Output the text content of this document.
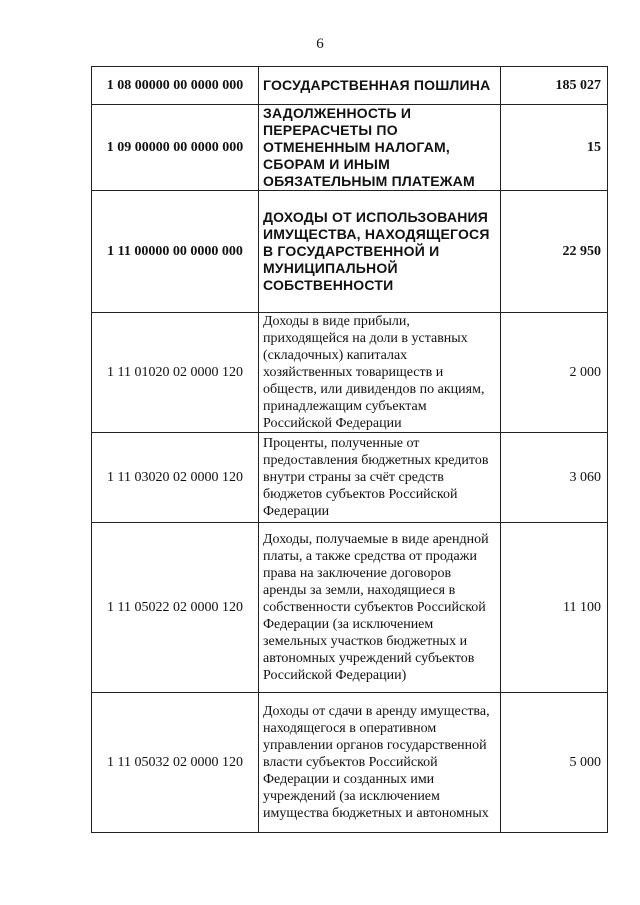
6
1 08 00000 00 0000 000	ГОСУДАРСТВЕННАЯ ПОШЛИНА	185 027
1 09 00000 00 0000 000	ЗАДОЛЖЕННОСТЬ И ПЕРЕРАСЧЕТЫ ПО ОТМЕНЕННЫМ НАЛОГАМ, СБОРАМ И ИНЫМ ОБЯЗАТЕЛЬНЫМ ПЛАТЕЖАМ	15
1 11 00000 00 0000 000	ДОХОДЫ ОТ ИСПОЛЬЗОВАНИЯ ИМУЩЕСТВА, НАХОДЯЩЕГОСЯ В ГОСУДАРСТВЕННОЙ И МУНИЦИПАЛЬНОЙ СОБСТВЕННОСТИ	22 950
1 11 01020 02 0000 120	Доходы в виде прибыли, приходящейся на доли в уставных (складочных) капиталах хозяйственных товариществ и обществ, или дивидендов по акциям, принадлежащим субъектам Российской Федерации	2 000
1 11 03020 02 0000 120	Проценты, полученные от предоставления бюджетных кредитов внутри страны за счёт средств бюджетов субъектов Российской Федерации	3 060
1 11 05022 02 0000 120	Доходы, получаемые в виде арендной платы, а также средства от продажи права на заключение договоров аренды за земли, находящиеся в собственности субъектов Российской Федерации (за исключением земельных участков бюджетных и автономных учреждений субъектов Российской Федерации)	11 100
1 11 05032 02 0000 120	Доходы от сдачи в аренду имущества, находящегося в оперативном управлении органов государственной власти субъектов Российской Федерации и созданных ими учреждений (за исключением имущества бюджетных и автономных	5 000
